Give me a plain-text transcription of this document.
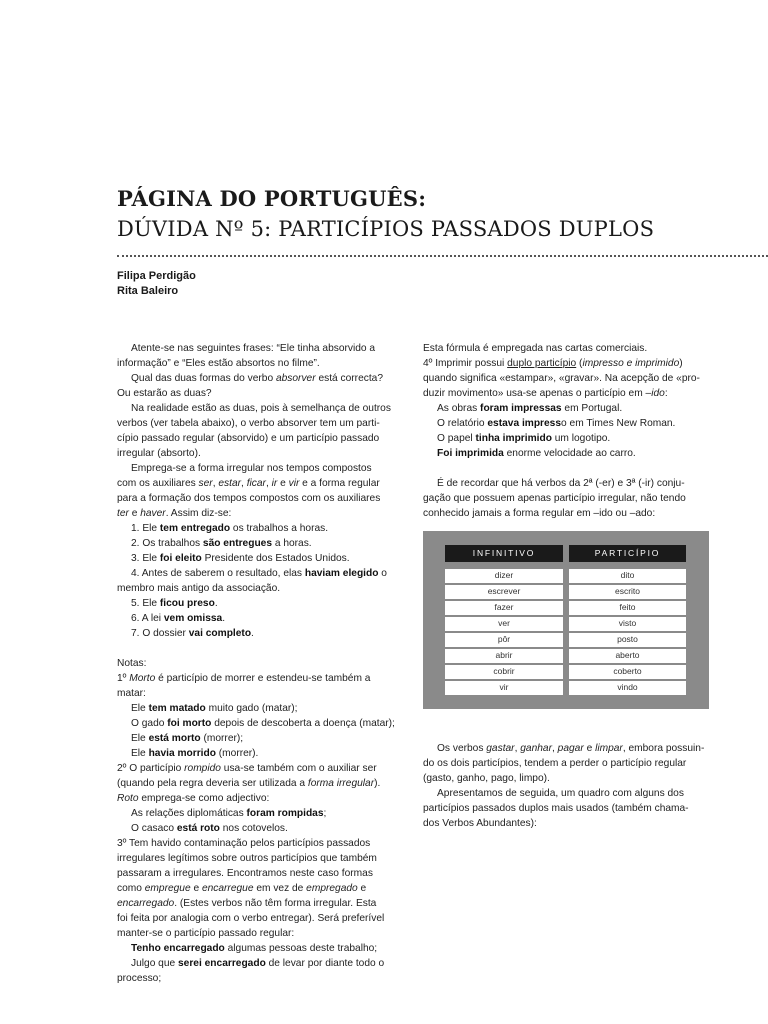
PÁGINA DO PORTUGUÊS:
DÚVIDA Nº 5: PARTICÍPIOS PASSADOS DUPLOS
Filipa Perdigão
Rita Baleiro

Atente-se nas seguintes frases: “Ele tinha absorvido a

informação” e “Eles estão absortos no filme”.

Qual das duas formas do verbo absorver está correcta?

Ou estarão as duas?

Na realidade estão as duas, pois à semelhança de outros

verbos (ver tabela abaixo), o verbo absorver tem um parti-

cípio passado regular (absorvido) e um particípio passado

irregular (absorto).

Emprega-se a forma irregular nos tempos compostos

com os auxiliares ser, estar, ficar, ir e vir e a forma regular

para a formação dos tempos compostos com os auxiliares

ter e haver. Assim diz-se:

1. Ele tem entregado os trabalhos a horas.

2. Os trabalhos são entregues a horas.

3. Ele foi eleito Presidente dos Estados Unidos.

4. Antes de saberem o resultado, elas haviam elegido o

membro mais antigo da associação.

5. Ele ficou preso.

6. A lei vem omissa.

7. O dossier vai completo.

Notas:

1º Morto é particípio de morrer e estendeu-se também a

matar:

Ele tem matado muito gado (matar);

O gado foi morto depois de descoberta a doença (matar);

Ele está morto (morrer);

Ele havia morrido (morrer).

2º O particípio rompido usa-se também com o auxiliar ser

(quando pela regra deveria ser utilizada a forma irregular).

Roto emprega-se como adjectivo:

As relações diplomáticas foram rompidas;

O casaco está roto nos cotovelos.

3º Tem havido contaminação pelos particípios passados

irregulares legítimos sobre outros particípios que também

passaram a irregulares. Encontramos neste caso formas

como empregue e encarregue em vez de empregado e

encarregado. (Estes verbos não têm forma irregular. Esta

foi feita por analogia com o verbo entregar). Será preferível

manter-se o particípio passado regular:

Tenho encarregado algumas pessoas deste trabalho;

Julgo que serei encarregado de levar por diante todo o

processo;

Esta fórmula é empregada nas cartas comerciais.

4º Imprimir possui duplo particípio (impresso e imprimido)

quando significa «estampar», «gravar». Na acepção de «pro-

duzir movimento» usa-se apenas o particípio em –ido:

As obras foram impressas em Portugal.

O relatório estava impresso em Times New Roman.

O papel tinha imprimido um logotipo.

Foi imprimida enorme velocidade ao carro.

É de recordar que há verbos da 2ª (-er) e 3ª (-ir) conju-

gação que possuem apenas particípio irregular, não tendo

conhecido jamais a forma regular em –ido ou –ado:

INFINITIVO	PARTICÍPIO
dizer	dito
escrever	escrito
fazer	feito
ver	visto
pôr	posto
abrir	aberto
cobrir	coberto
vir	vindo

Os verbos gastar, ganhar, pagar e limpar, embora possuin-

do os dois particípios, tendem a perder o particípio regular

(gasto, ganho, pago, limpo).

Apresentamos de seguida, um quadro com alguns dos

particípios passados duplos mais usados (também chama-

dos Verbos Abundantes):
